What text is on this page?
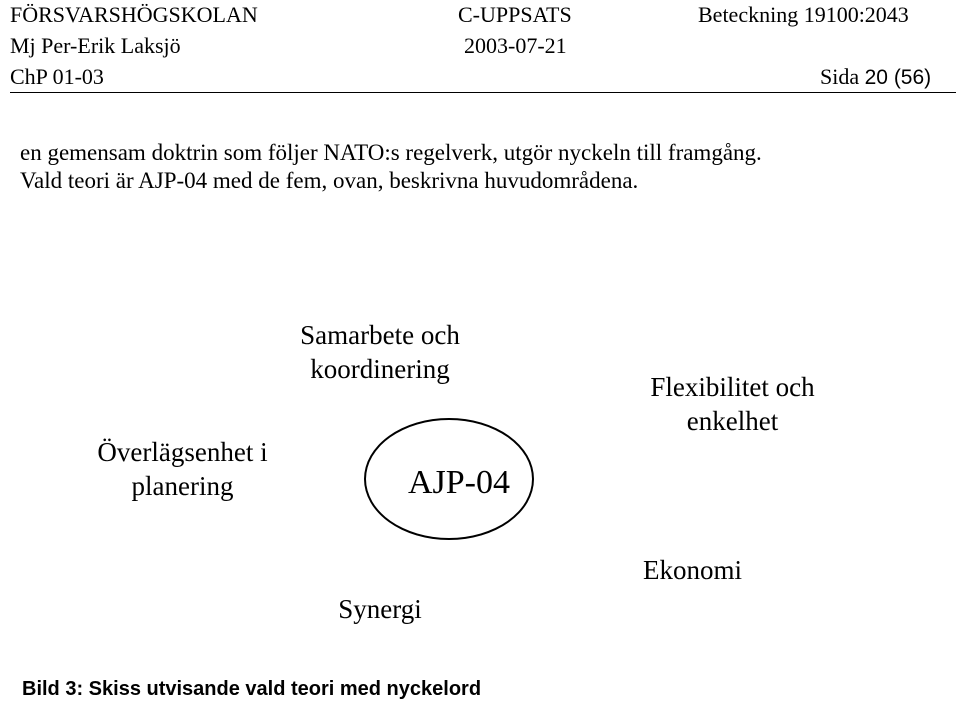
FÖRSVARSHÖGSKOLAN	C-UPPSATS	Beteckning 19100:2043
Mj Per-Erik Laksjö	2003-07-21
ChP 01-03	Sida 20 (56)
en gemensam doktrin som följer NATO:s regelverk, utgör nyckeln till framgång.
Vald teori är AJP-04 med de fem, ovan, beskrivna huvudområdena.
Samarbete och
koordinering
Flexibilitet och
enkelhet
Överlägsenhet i
planering	AJP-04
Ekonomi
Synergi
Bild 3: Skiss utvisande vald teori med nyckelord
